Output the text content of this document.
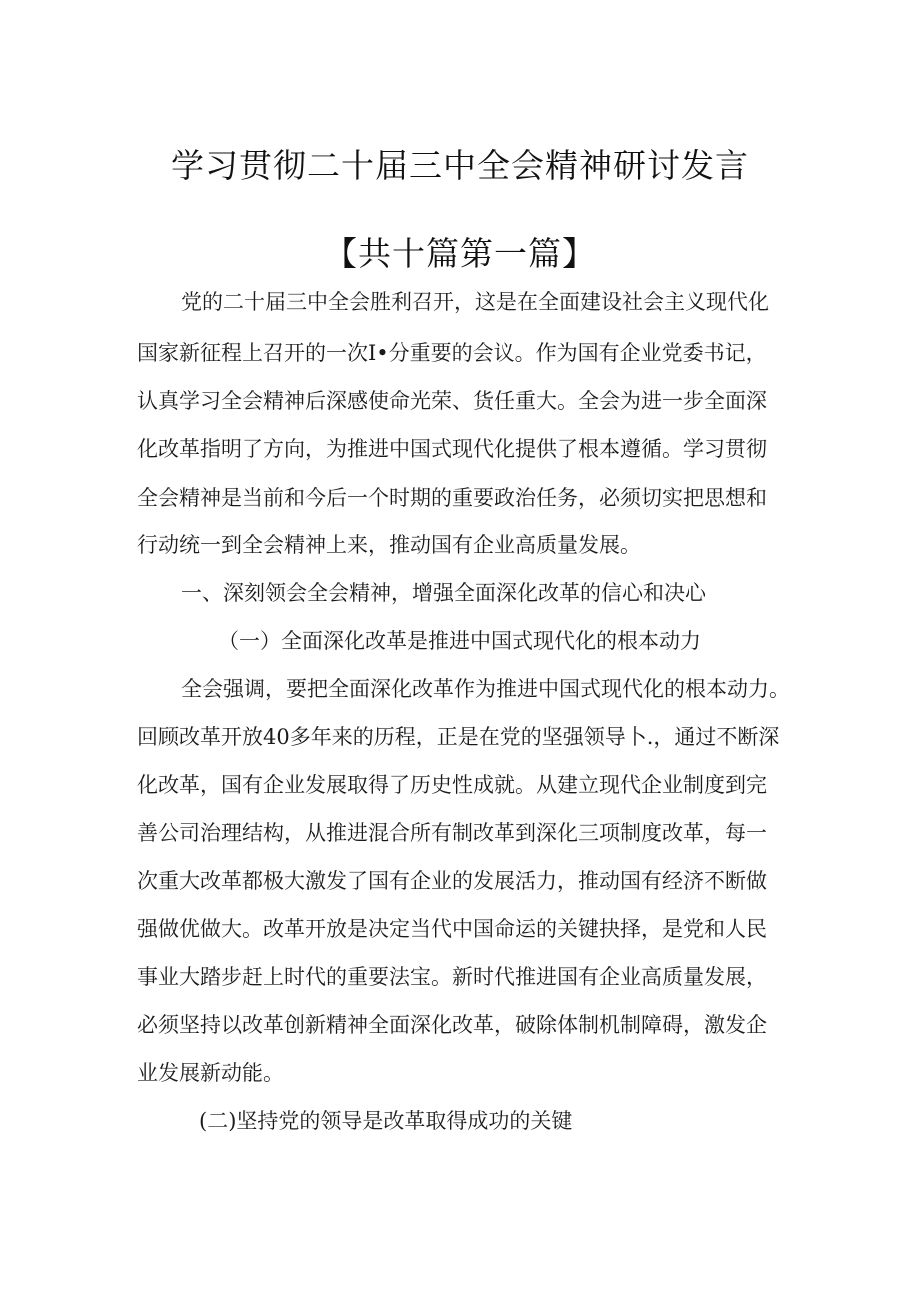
学习贯彻二十届三中全会精神研讨发言
【共十篇第一篇】
党的二十届三中全会胜利召开，这是在全面建设社会主义现代化
国家新征程上召开的一次I•分重要的会议。作为国有企业党委书记，
认真学习全会精神后深感使命光荣、货任重大。全会为进一步全面深
化改革指明了方向，为推进中国式现代化提供了根本遵循。学习贯彻
全会精神是当前和今后一个时期的重要政治任务，必须切实把思想和
行动统一到全会精神上来，推动国有企业高质量发展。
一、深刻领会全会精神，增强全面深化改革的信心和决心
（一）全面深化改革是推进中国式现代化的根本动力
全会强调，要把全面深化改革作为推进中国式现代化的根本动力。
回顾改革开放40多年来的历程，正是在党的坚强领导卜.，通过不断深
化改革，国有企业发展取得了历史性成就。从建立现代企业制度到完
善公司治理结构，从推进混合所有制改革到深化三项制度改革，每一
次重大改革都极大激发了国有企业的发展活力，推动国有经济不断做
强做优做大。改革开放是决定当代中国命运的关键抉择，是党和人民
事业大踏步赶上时代的重要法宝。新时代推进国有企业高质量发展，
必须坚持以改革创新精神全面深化改革，破除体制机制障碍，激发企
业发展新动能。
(二)坚持党的领导是改革取得成功的关键
